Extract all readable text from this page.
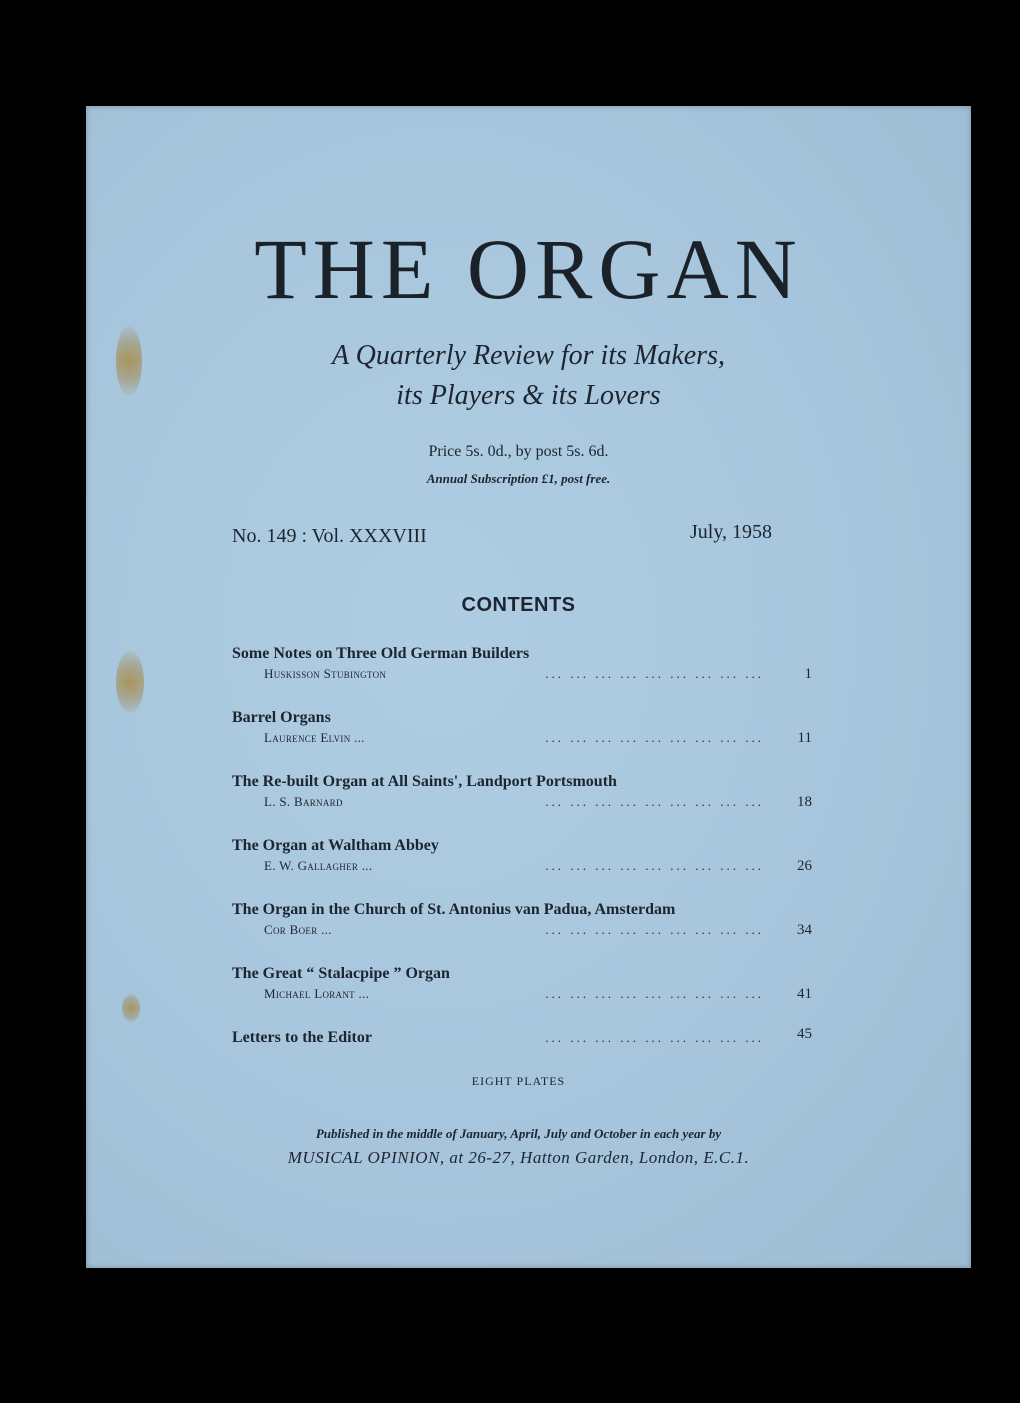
THE ORGAN
A Quarterly Review for its Makers,
its Players & its Lovers
Price 5s. 0d., by post 5s. 6d.
Annual Subscription £1, post free.
No. 149 : Vol. XXXVIII	July, 1958
CONTENTS
Some Notes on Three Old German Builders
Huskisson Stubington	... ... ... ... ... ... ... ... ...	1
Barrel Organs
Laurence Elvin ...	... ... ... ... ... ... ... ... ... 11
The Re-built Organ at All Saints', Landport Portsmouth
L. S. Barnard	... ... ... ... ... ... ... ... ... 18
The Organ at Waltham Abbey
E. W. Gallagher ...	... ... ... ... ... ... ... ... ... 26
The Organ in the Church of St. Antonius van Padua, Amsterdam
Cor Boer ...	... ... ... ... ... ... ... ... ... 34
The Great “ Stalacpipe ” Organ
Michael Lorant ...	... ... ... ... ... ... ... ... ... 41
Letters to the Editor	... ... ... ... ... ... ... ... ... 45
EIGHT PLATES
Published in the middle of January, April, July and October in each year by
MUSICAL OPINION, at 26-27, Hatton Garden, London, E.C.1.
